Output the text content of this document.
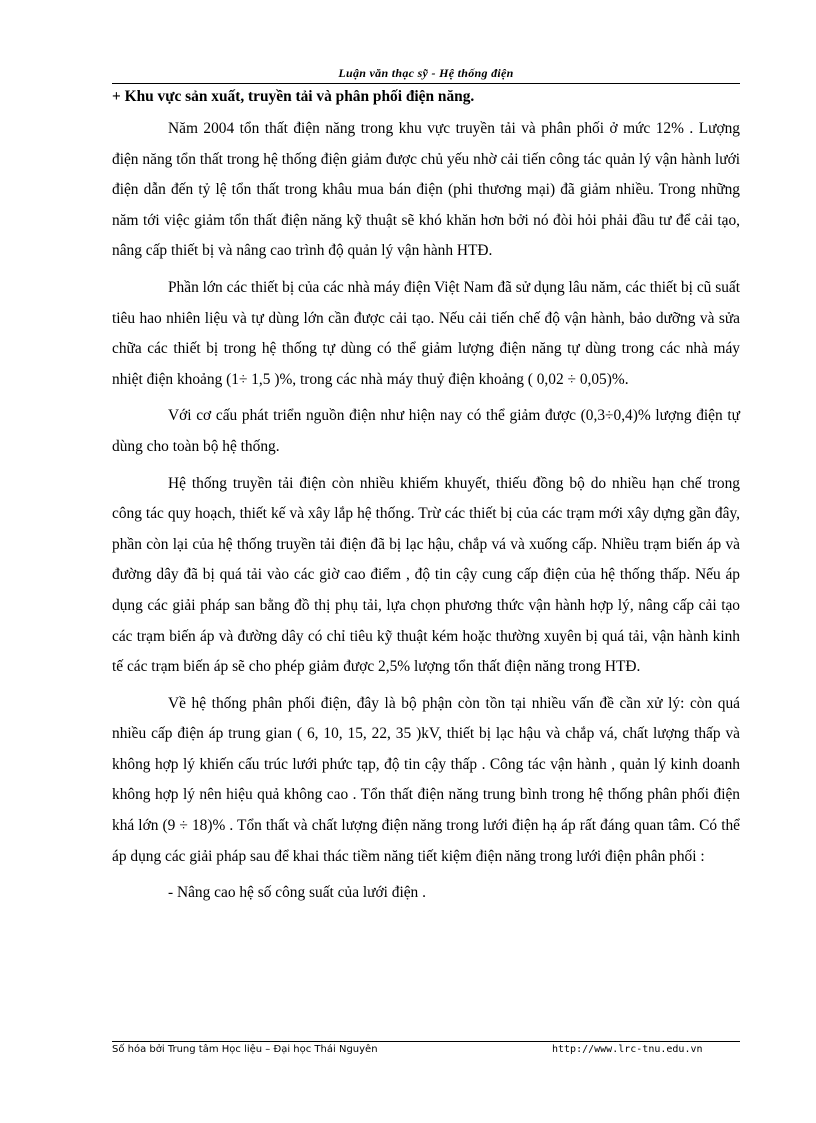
Luận văn thạc sỹ - Hệ thống điện
+ Khu vực sản xuất, truyền tải và phân phối điện năng.

Năm 2004 tổn thất điện năng trong khu vực truyền tải và phân phối ở mức 12% . Lượng điện năng tổn thất trong hệ thống điện giảm được chủ yếu nhờ cải tiến công tác quản lý vận hành lưới điện dẫn đến tỷ lệ tổn thất trong khâu mua bán điện (phi thương mại) đã giảm nhiều. Trong những năm tới việc giảm tổn thất điện năng kỹ thuật sẽ khó khăn hơn bởi nó đòi hỏi phải đầu tư để cải tạo, nâng cấp thiết bị và nâng cao trình độ quản lý vận hành HTĐ.

Phần lớn các thiết bị của các nhà máy điện Việt Nam đã sử dụng lâu năm, các thiết bị cũ suất tiêu hao nhiên liệu và tự dùng lớn cần được cải tạo. Nếu cải tiến chế độ vận hành, bảo dưỡng và sửa chữa các thiết bị trong hệ thống tự dùng có thể giảm lượng điện năng tự dùng trong các nhà máy nhiệt điện khoảng (1÷ 1,5 )%, trong các nhà máy thuỷ điện khoảng ( 0,02 ÷ 0,05)%.

Với cơ cấu phát triển nguồn điện như hiện nay có thể giảm được (0,3÷0,4)% lượng điện tự dùng cho toàn bộ hệ thống.

Hệ thống truyền tải điện còn nhiều khiếm khuyết, thiếu đồng bộ do nhiều hạn chế trong công tác quy hoạch, thiết kế và xây lắp hệ thống. Trừ các thiết bị của các trạm mới xây dựng gần đây, phần còn lại của hệ thống truyền tải điện đã bị lạc hậu, chắp vá và xuống cấp. Nhiều trạm biến áp và đường dây đã bị quá tải vào các giờ cao điểm , độ tin cậy cung cấp điện của hệ thống thấp. Nếu áp dụng các giải pháp san bằng đồ thị phụ tải, lựa chọn phương thức vận hành hợp lý, nâng cấp cải tạo các trạm biến áp và đường dây có chỉ tiêu kỹ thuật kém hoặc thường xuyên bị quá tải, vận hành kinh tế các trạm biến áp sẽ cho phép giảm được 2,5% lượng tổn thất điện năng trong HTĐ.

Về hệ thống phân phối điện, đây là bộ phận còn tồn tại nhiều vấn đề cần xử lý: còn quá nhiều cấp điện áp trung gian ( 6, 10, 15, 22, 35 )kV, thiết bị lạc hậu và chắp vá, chất lượng thấp và không hợp lý khiến cấu trúc lưới phức tạp, độ tin cậy thấp . Công tác vận hành , quản lý kinh doanh không hợp lý nên hiệu quả không cao . Tổn thất điện năng trung bình trong hệ thống phân phối điện khá lớn (9 ÷ 18)% . Tổn thất và chất lượng điện năng trong lưới điện hạ áp rất đáng quan tâm. Có thể áp dụng các giải pháp sau để khai thác tiềm năng tiết kiệm điện năng trong lưới điện phân phối :

- Nâng cao hệ số công suất của lưới điện .

Số hóa bởi Trung tâm Học liệu – Đại học Thái Nguyên	http://www.lrc-tnu.edu.vn
